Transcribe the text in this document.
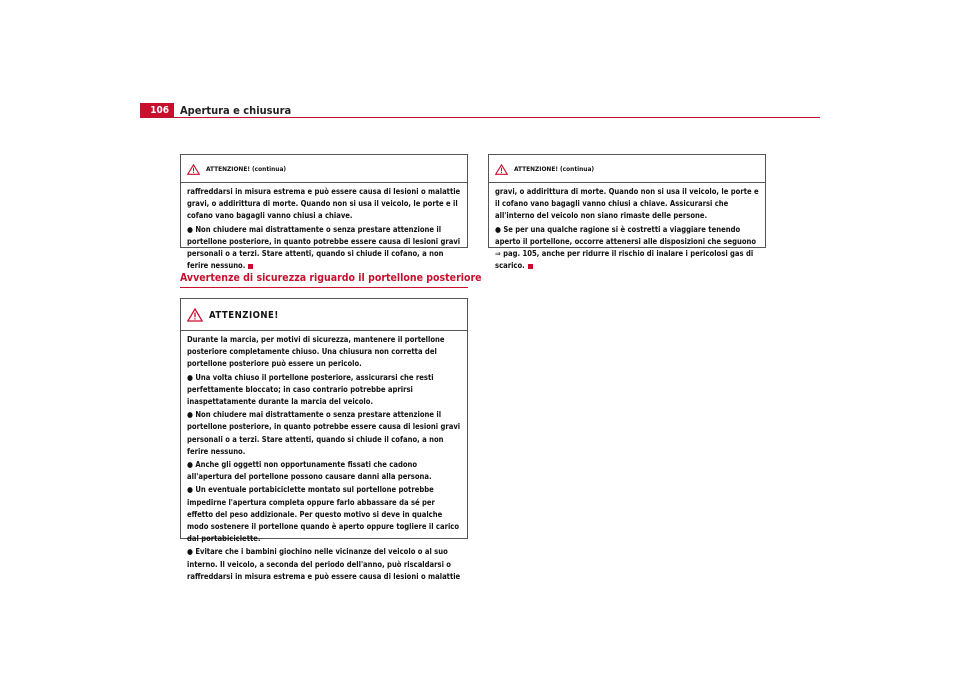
106	Apertura e chiusura
ATTENZIONE! (continua)

raffreddarsi in misura estrema e può essere causa di lesioni o malattie gravi, o addirittura di morte. Quando non si usa il veicolo, le porte e il cofano vano bagagli vanno chiusi a chiave.

● Non chiudere mai distrattamente o senza prestare attenzione il portellone posteriore, in quanto potrebbe essere causa di lesioni gravi personali o a terzi. Stare attenti, quando si chiude il cofano, a non ferire nessuno.

Avvertenze di sicurezza riguardo il portellone posteriore
ATTENZIONE!

Durante la marcia, per motivi di sicurezza, mantenere il portellone posteriore completamente chiuso. Una chiusura non corretta del portellone posteriore può essere un pericolo.

● Una volta chiuso il portellone posteriore, assicurarsi che resti perfettamente bloccato; in caso contrario potrebbe aprirsi inaspettatamente durante la marcia del veicolo.

● Non chiudere mai distrattamente o senza prestare attenzione il portellone posteriore, in quanto potrebbe essere causa di lesioni gravi personali o a terzi. Stare attenti, quando si chiude il cofano, a non ferire nessuno.

● Anche gli oggetti non opportunamente fissati che cadono all'apertura del portellone possono causare danni alla persona.

● Un eventuale portabiciclette montato sul portellone potrebbe impedirne l'apertura completa oppure farlo abbassare da sé per effetto del peso addizionale. Per questo motivo si deve in qualche modo sostenere il portellone quando è aperto oppure togliere il carico dal portabiciclette.

● Evitare che i bambini giochino nelle vicinanze del veicolo o al suo interno. Il veicolo, a seconda del periodo dell'anno, può riscaldarsi o raffreddarsi in misura estrema e può essere causa di lesioni o malattie

ATTENZIONE! (continua)

gravi, o addirittura di morte. Quando non si usa il veicolo, le porte e il cofano vano bagagli vanno chiusi a chiave. Assicurarsi che all'interno del veicolo non siano rimaste delle persone.

● Se per una qualche ragione si è costretti a viaggiare tenendo aperto il portellone, occorre attenersi alle disposizioni che seguono ⇒ pag. 105, anche per ridurre il rischio di inalare i pericolosi gas di scarico.
